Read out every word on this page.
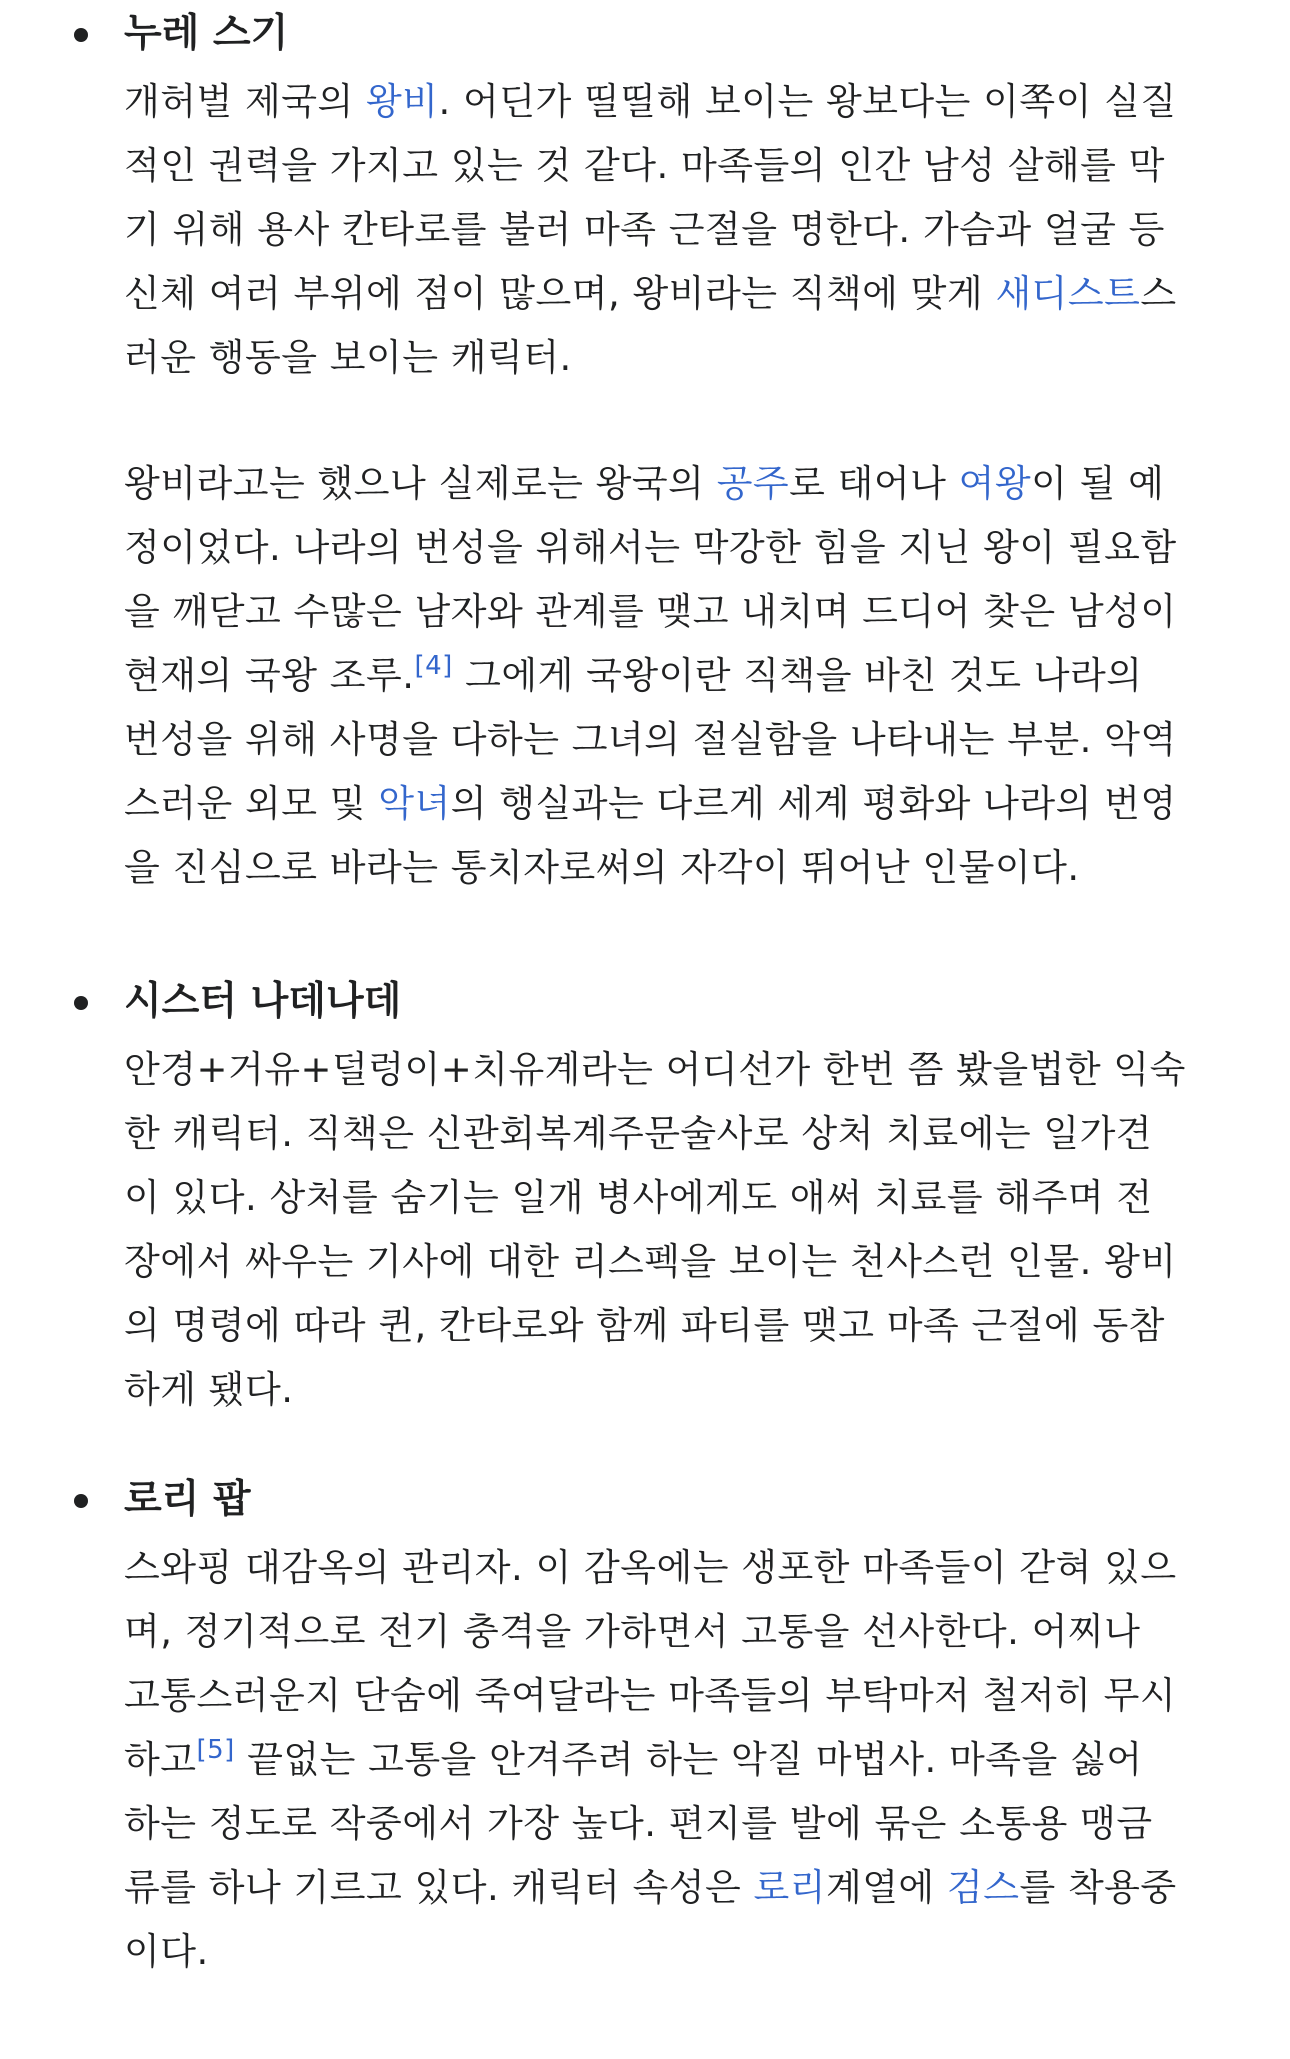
누레 스기
개허벌 제국의 왕비. 어딘가 띨띨해 보이는 왕보다는 이쪽이 실질
적인 권력을 가지고 있는 것 같다. 마족들의 인간 남성 살해를 막
기 위해 용사 칸타로를 불러 마족 근절을 명한다. 가슴과 얼굴 등
신체 여러 부위에 점이 많으며, 왕비라는 직책에 맞게 새디스트스
러운 행동을 보이는 캐릭터.
왕비라고는 했으나 실제로는 왕국의 공주로 태어나 여왕이 될 예
정이었다. 나라의 번성을 위해서는 막강한 힘을 지닌 왕이 필요함
을 깨닫고 수많은 남자와 관계를 맺고 내치며 드디어 찾은 남성이
현재의 국왕 조루.[4] 그에게 국왕이란 직책을 바친 것도 나라의
번성을 위해 사명을 다하는 그녀의 절실함을 나타내는 부분. 악역
스러운 외모 및 악녀의 행실과는 다르게 세계 평화와 나라의 번영
을 진심으로 바라는 통치자로써의 자각이 뛰어난 인물이다.
시스터 나데나데
안경+거유+덜렁이+치유계라는 어디선가 한번 쯤 봤을법한 익숙
한 캐릭터. 직책은 신관회복계주문술사로 상처 치료에는 일가견
이 있다. 상처를 숨기는 일개 병사에게도 애써 치료를 해주며 전
장에서 싸우는 기사에 대한 리스펙을 보이는 천사스런 인물. 왕비
의 명령에 따라 퀸, 칸타로와 함께 파티를 맺고 마족 근절에 동참
하게 됐다.
로리 팝
스와핑 대감옥의 관리자. 이 감옥에는 생포한 마족들이 갇혀 있으
며, 정기적으로 전기 충격을 가하면서 고통을 선사한다. 어찌나
고통스러운지 단숨에 죽여달라는 마족들의 부탁마저 철저히 무시
하고[5] 끝없는 고통을 안겨주려 하는 악질 마법사. 마족을 싫어
하는 정도로 작중에서 가장 높다. 편지를 발에 묶은 소통용 맹금
류를 하나 기르고 있다. 캐릭터 속성은 로리계열에 검스를 착용중
이다.
